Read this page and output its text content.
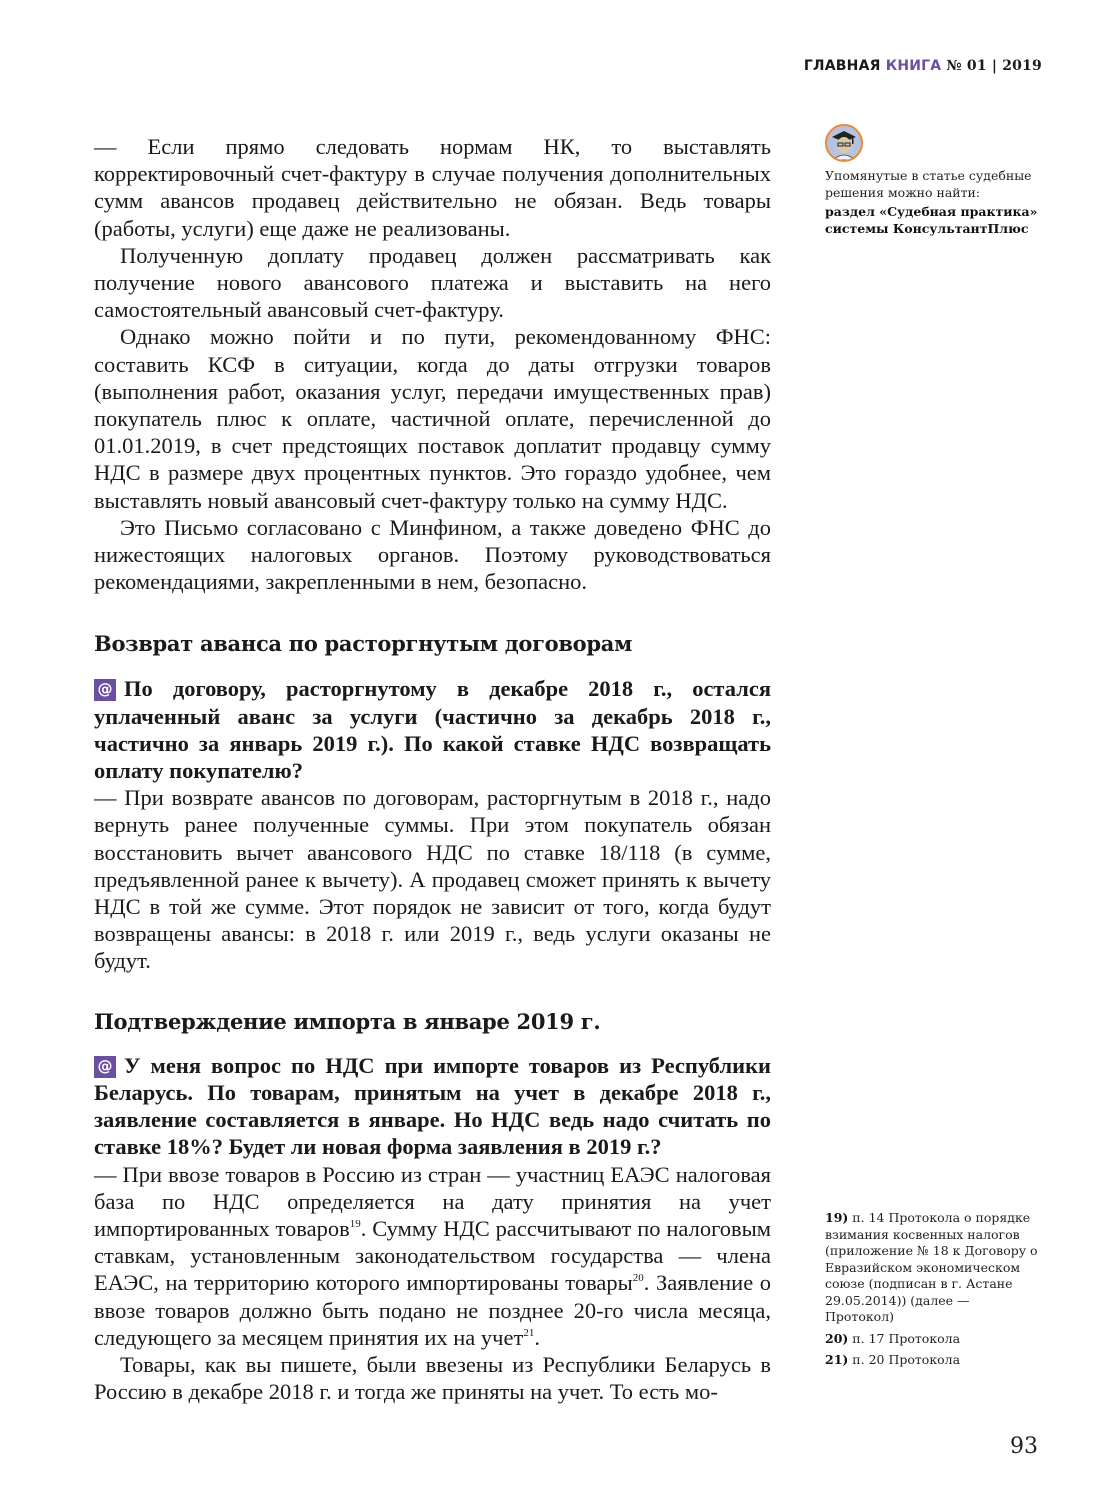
ГЛАВНАЯ КНИГА № 01 | 2019
Упомянутые в статье судебные решения можно найти:
раздел «Судебная практика» системы КонсультантПлюс

— Если прямо следовать нормам НК, то выставлять корректировочный счет-фактуру в случае получения дополнительных сумм авансов продавец действительно не обязан. Ведь товары (работы, услуги) еще даже не реализованы.

Полученную доплату продавец должен рассматривать как получение нового авансового платежа и выставить на него самостоятельный авансовый счет-фактуру.

Однако можно пойти и по пути, рекомендованному ФНС: составить КСФ в ситуации, когда до даты отгрузки товаров (выполнения работ, оказания услуг, передачи имущественных прав) покупатель плюс к оплате, частичной оплате, перечисленной до 01.01.2019, в счет предстоящих поставок доплатит продавцу сумму НДС в размере двух процентных пунктов. Это гораздо удобнее, чем выставлять новый авансовый счет-фактуру только на сумму НДС.

Это Письмо согласовано с Минфином, а также доведено ФНС до нижестоящих налоговых органов. Поэтому руководствоваться рекомендациями, закрепленными в нем, безопасно.

Возврат аванса по расторгнутым договорам

@ По договору, расторгнутому в декабре 2018 г., остался уплаченный аванс за услуги (частично за декабрь 2018 г., частично за январь 2019 г.). По какой ставке НДС возвращать оплату покупателю?

— При возврате авансов по договорам, расторгнутым в 2018 г., надо вернуть ранее полученные суммы. При этом покупатель обязан восстановить вычет авансового НДС по ставке 18/118 (в сумме, предъявленной ранее к вычету). А продавец сможет принять к вычету НДС в той же сумме. Этот порядок не зависит от того, когда будут возвращены авансы: в 2018 г. или 2019 г., ведь услуги оказаны не будут.

Подтверждение импорта в январе 2019 г.

@ У меня вопрос по НДС при импорте товаров из Республики Беларусь. По товарам, принятым на учет в декабре 2018 г., заявление составляется в январе. Но НДС ведь надо считать по ставке 18%? Будет ли новая форма заявления в 2019 г.?

— При ввозе товаров в Россию из стран — участниц ЕАЭС налоговая база по НДС определяется на дату принятия на учет импортированных товаров$^{19}$. Сумму НДС рассчитывают по налоговым ставкам, установленным законодательством государства — члена ЕАЭС, на территорию которого импортированы товары$^{20}$. Заявление о ввозе товаров должно быть подано не позднее 20-го числа месяца, следующего за месяцем принятия их на учет$^{21}$.

Товары, как вы пишете, были ввезены из Республики Беларусь в Россию в декабре 2018 г. и тогда же приняты на учет. То есть мо-

19) п. 14 Протокола о порядке взимания косвенных налогов (приложение № 18 к Договору о Евразийском экономическом союзе (подписан в г. Астане 29.05.2014)) (далее — Протокол)

20) п. 17 Протокола

21) п. 20 Протокола

93
